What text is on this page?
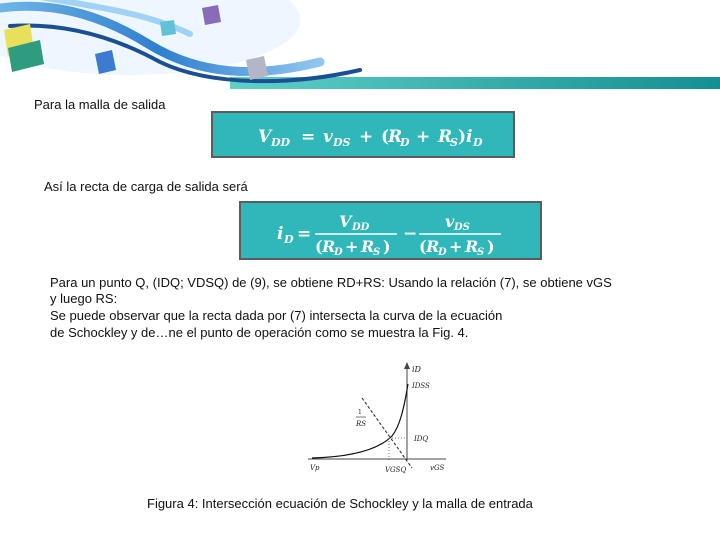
Para la malla de salida
V DD = v DS + (
R
D + R
S ) i D
Así la recta de carga de salida será
i D =
V DD
( R
D + R
S )
−
v DS
( R
D + R
S )
Para un punto Q, (IDQ; VDSQ) de (9), se obtiene RD+RS: Usando la relación (7), se obtiene vGS
y luego RS:
Se puede observar que la recta dada por (7) intersecta la curva de la ecuación
de Schockley y de…ne el punto de operación como se muestra la Fig. 4.
iD
IDSS
1
RS
IDQ
Vp	VGSQ	vGS
Figura 4: Intersección ecuación de Schockley y la malla de entrada
